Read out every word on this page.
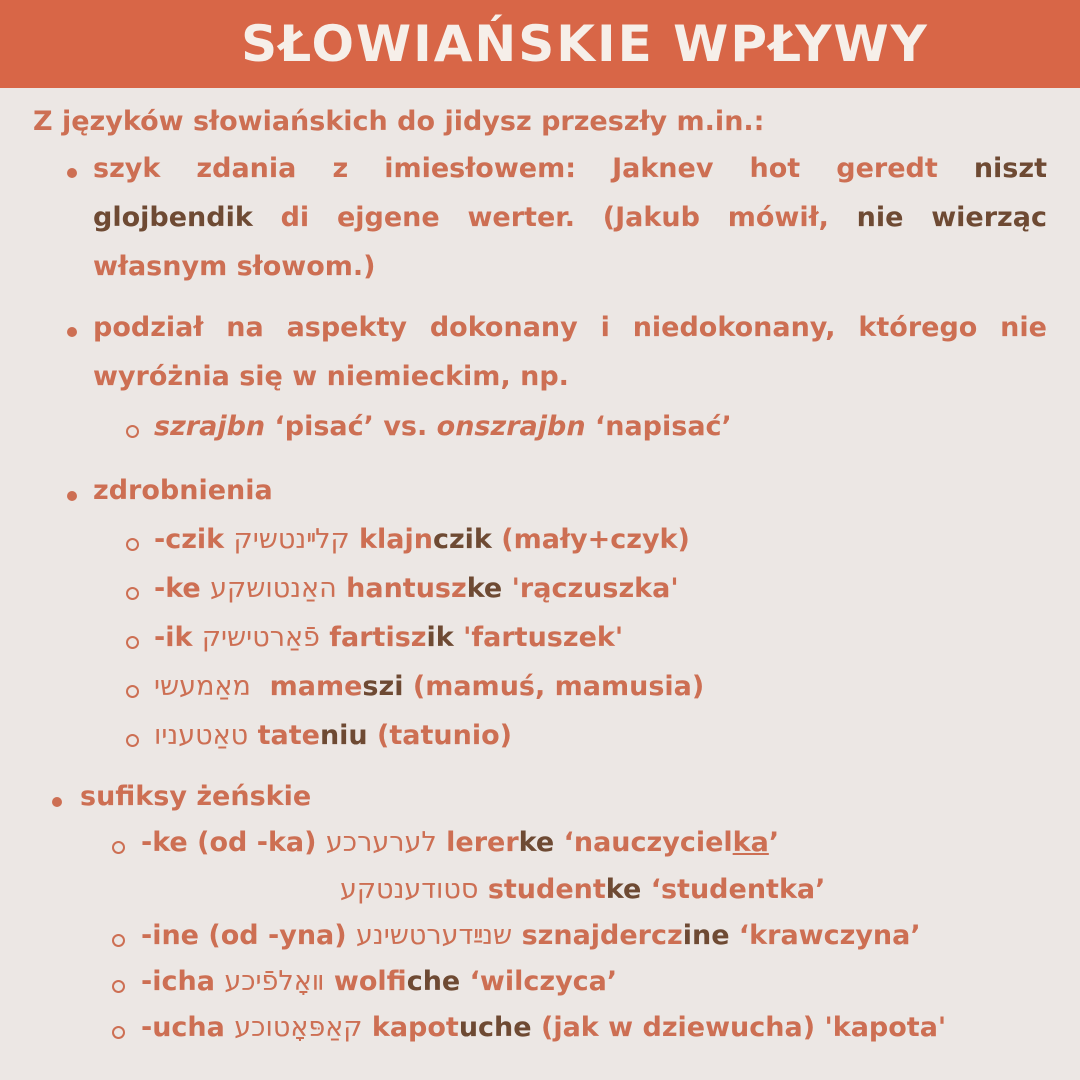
SŁOWIAŃSKIE WPŁYWY
Z języków słowiańskich do jidysz przeszły m.in.:
szyk zdania z imiesłowem: Jaknev hot geredt niszt
glojbendik di ejgene werter. (Jakub mówił, nie wierząc
własnym słowom.)
podział na aspekty dokonany i niedokonany, którego nie
wyróżnia się w niemieckim, np.
szrajbn ‘pisać’ vs. onszrajbn ‘napisać’
zdrobnienia
-czik קלײנטשיק klajnczik (mały+czyk)
-ke האַנטושקע hantuszke 'rączuszka'
-ik פֿאַרטישיק fartiszik 'fartuszek'
מאַמעשי mameszi (mamuś, mamusia)
טאַטעניו tateniu (tatunio)
sufiksy żeńskie
-ke (od -ka) לערערכע lererke ‘nauczycielka’
סטודענטקע studentke ‘studentka’
-ine (od -yna) שנײַדערטשינע sznajderczine ‘krawczyna’
-icha װאָלפֿיכע wolfiche ‘wilczyca’
-ucha קאַפּאָטוכע kapotuche (jak w dziewucha) 'kapota'
